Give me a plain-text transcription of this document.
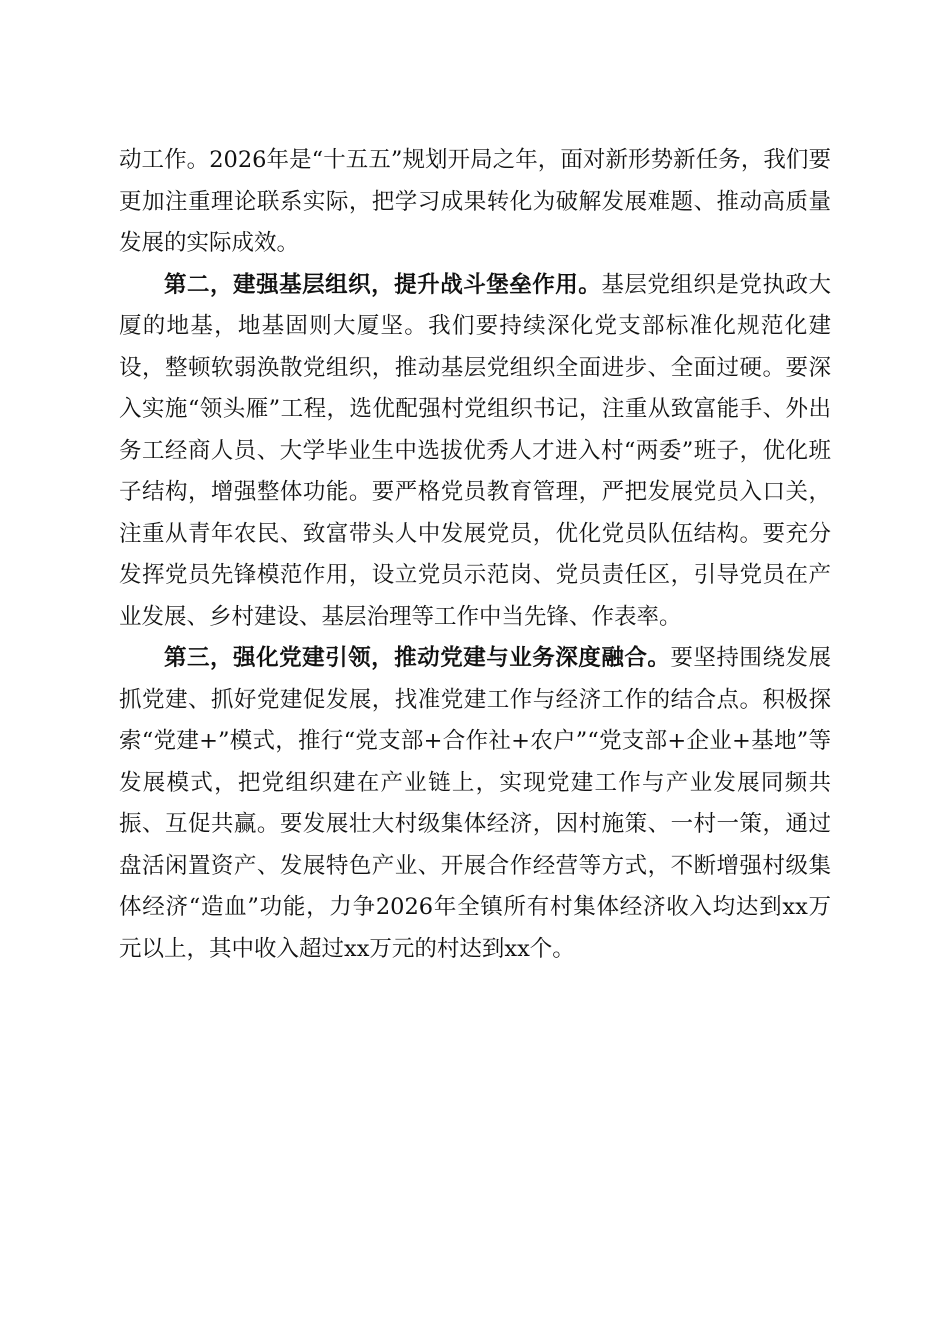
动工作。2026年是“十五五”规划开局之年，面对新形势新任务，我们要更加注重理论联系实际，把学习成果转化为破解发展难题、推动高质量发展的实际成效。

第二，建强基层组织，提升战斗堡垒作用。基层党组织是党执政大厦的地基，地基固则大厦坚。我们要持续深化党支部标准化规范化建设，整顿软弱涣散党组织，推动基层党组织全面进步、全面过硬。要深入实施“领头雁”工程，选优配强村党组织书记，注重从致富能手、外出务工经商人员、大学毕业生中选拔优秀人才进入村“两委”班子，优化班子结构，增强整体功能。要严格党员教育管理，严把发展党员入口关，注重从青年农民、致富带头人中发展党员，优化党员队伍结构。要充分发挥党员先锋模范作用，设立党员示范岗、党员责任区，引导党员在产业发展、乡村建设、基层治理等工作中当先锋、作表率。

第三，强化党建引领，推动党建与业务深度融合。要坚持围绕发展抓党建、抓好党建促发展，找准党建工作与经济工作的结合点。积极探索“党建+”模式，推行“党支部+合作社+农户”“党支部+企业+基地”等发展模式，把党组织建在产业链上，实现党建工作与产业发展同频共振、互促共赢。要发展壮大村级集体经济，因村施策、一村一策，通过盘活闲置资产、发展特色产业、开展合作经营等方式，不断增强村级集体经济“造血”功能，力争2026年全镇所有村集体经济收入均达到xx万元以上，其中收入超过xx万元的村达到xx个。
